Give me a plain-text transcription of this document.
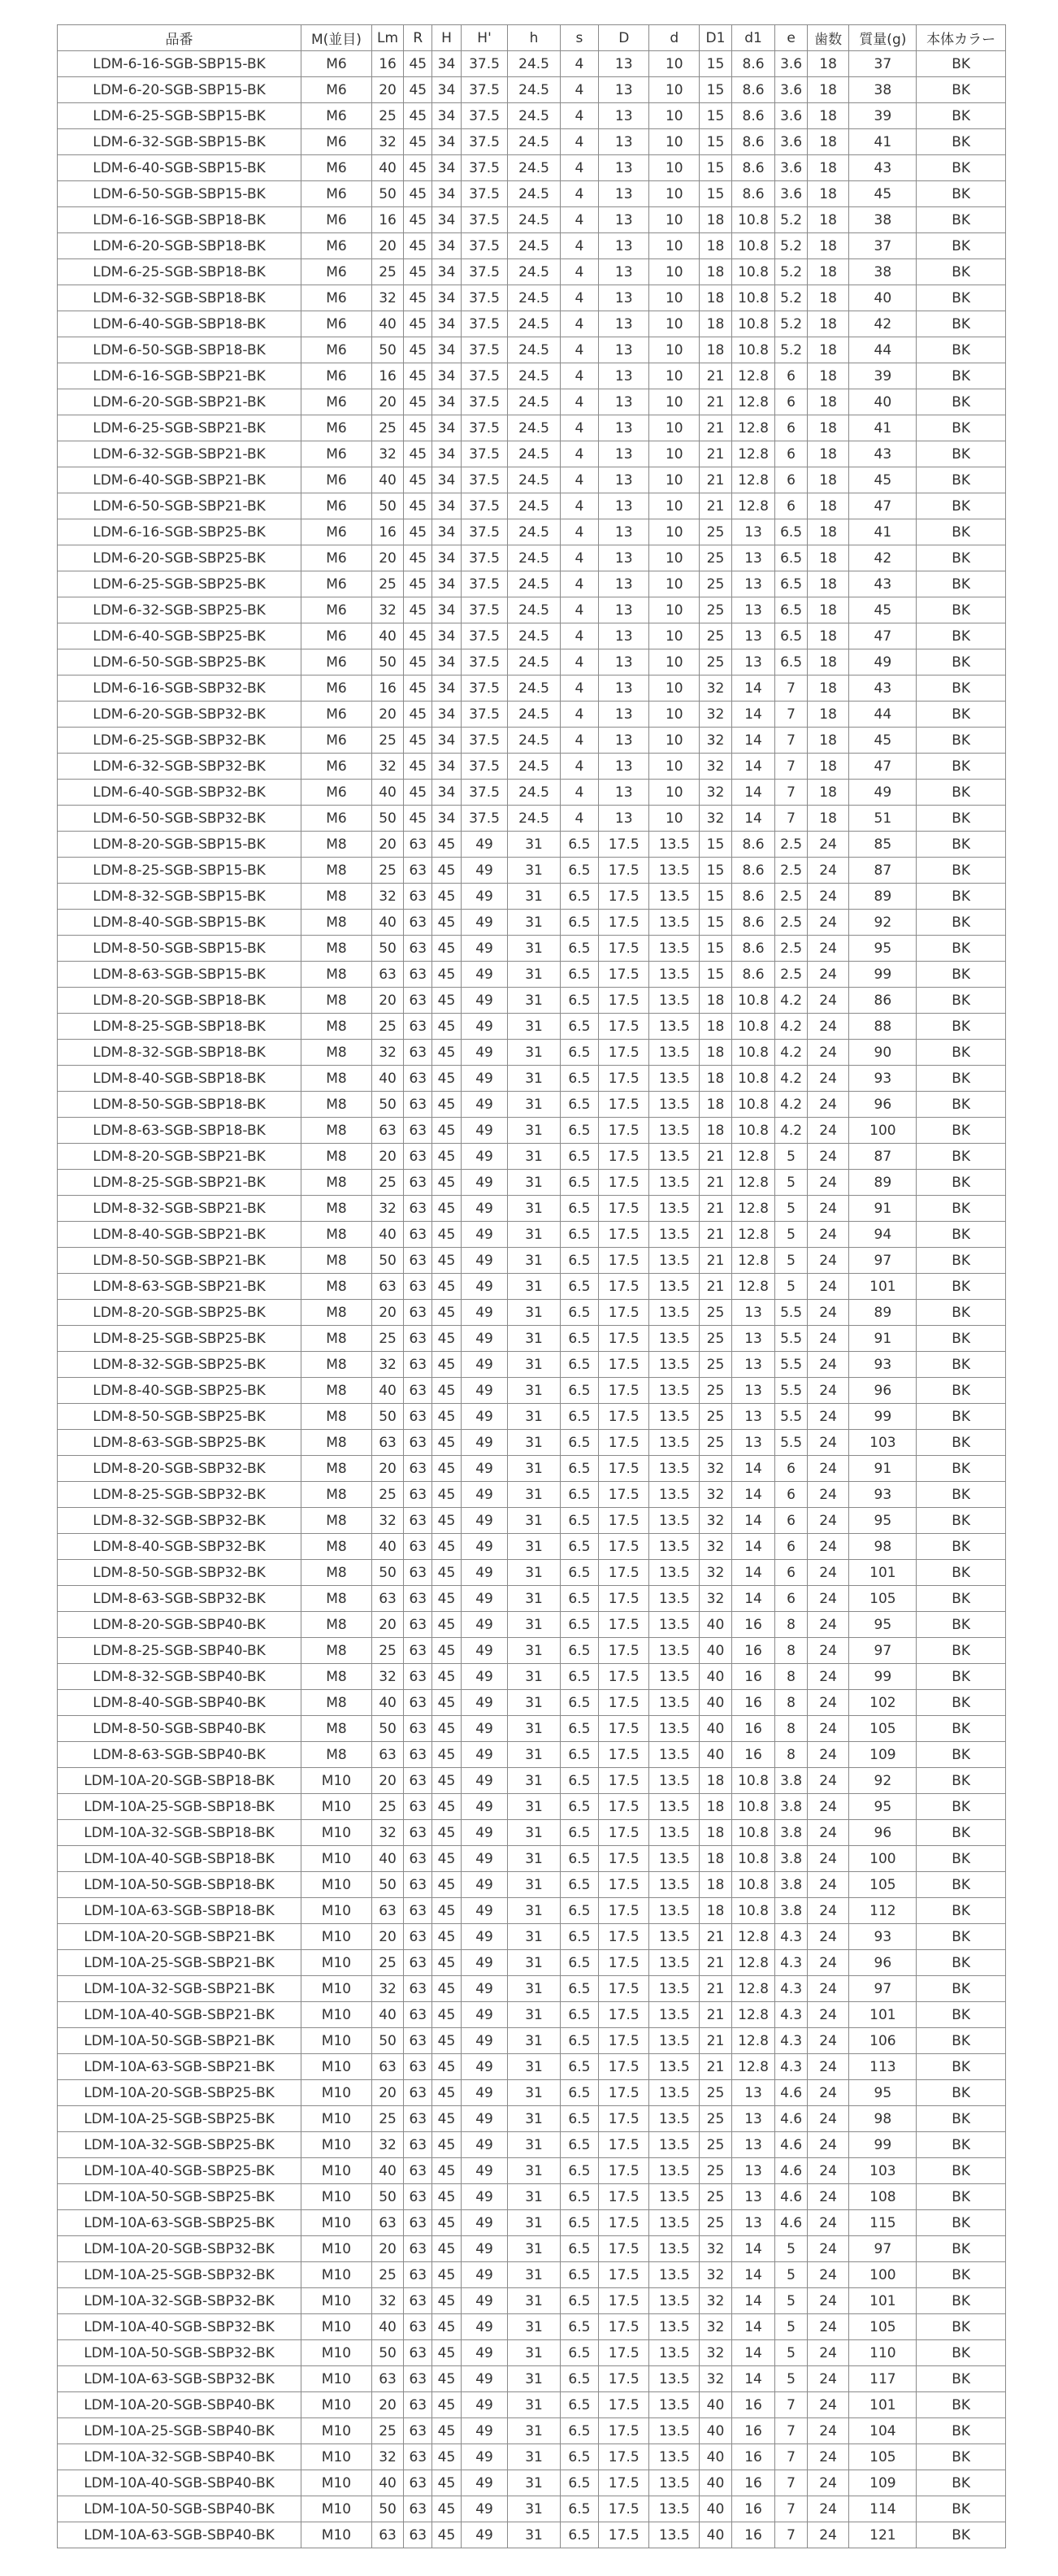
品番	M(並目)	Lm	R	H	H'	h	s	D	d	D1	d1	e	歯数	質量(g)	本体カラー
LDM-6-16-SGB-SBP15-BK	M6	16	45	34	37.5	24.5	4	13	10	15	8.6	3.6	18	37	BK
LDM-6-20-SGB-SBP15-BK	M6	20	45	34	37.5	24.5	4	13	10	15	8.6	3.6	18	38	BK
LDM-6-25-SGB-SBP15-BK	M6	25	45	34	37.5	24.5	4	13	10	15	8.6	3.6	18	39	BK
LDM-6-32-SGB-SBP15-BK	M6	32	45	34	37.5	24.5	4	13	10	15	8.6	3.6	18	41	BK
LDM-6-40-SGB-SBP15-BK	M6	40	45	34	37.5	24.5	4	13	10	15	8.6	3.6	18	43	BK
LDM-6-50-SGB-SBP15-BK	M6	50	45	34	37.5	24.5	4	13	10	15	8.6	3.6	18	45	BK
LDM-6-16-SGB-SBP18-BK	M6	16	45	34	37.5	24.5	4	13	10	18	10.8	5.2	18	38	BK
LDM-6-20-SGB-SBP18-BK	M6	20	45	34	37.5	24.5	4	13	10	18	10.8	5.2	18	37	BK
LDM-6-25-SGB-SBP18-BK	M6	25	45	34	37.5	24.5	4	13	10	18	10.8	5.2	18	38	BK
LDM-6-32-SGB-SBP18-BK	M6	32	45	34	37.5	24.5	4	13	10	18	10.8	5.2	18	40	BK
LDM-6-40-SGB-SBP18-BK	M6	40	45	34	37.5	24.5	4	13	10	18	10.8	5.2	18	42	BK
LDM-6-50-SGB-SBP18-BK	M6	50	45	34	37.5	24.5	4	13	10	18	10.8	5.2	18	44	BK
LDM-6-16-SGB-SBP21-BK	M6	16	45	34	37.5	24.5	4	13	10	21	12.8	6	18	39	BK
LDM-6-20-SGB-SBP21-BK	M6	20	45	34	37.5	24.5	4	13	10	21	12.8	6	18	40	BK
LDM-6-25-SGB-SBP21-BK	M6	25	45	34	37.5	24.5	4	13	10	21	12.8	6	18	41	BK
LDM-6-32-SGB-SBP21-BK	M6	32	45	34	37.5	24.5	4	13	10	21	12.8	6	18	43	BK
LDM-6-40-SGB-SBP21-BK	M6	40	45	34	37.5	24.5	4	13	10	21	12.8	6	18	45	BK
LDM-6-50-SGB-SBP21-BK	M6	50	45	34	37.5	24.5	4	13	10	21	12.8	6	18	47	BK
LDM-6-16-SGB-SBP25-BK	M6	16	45	34	37.5	24.5	4	13	10	25	13	6.5	18	41	BK
LDM-6-20-SGB-SBP25-BK	M6	20	45	34	37.5	24.5	4	13	10	25	13	6.5	18	42	BK
LDM-6-25-SGB-SBP25-BK	M6	25	45	34	37.5	24.5	4	13	10	25	13	6.5	18	43	BK
LDM-6-32-SGB-SBP25-BK	M6	32	45	34	37.5	24.5	4	13	10	25	13	6.5	18	45	BK
LDM-6-40-SGB-SBP25-BK	M6	40	45	34	37.5	24.5	4	13	10	25	13	6.5	18	47	BK
LDM-6-50-SGB-SBP25-BK	M6	50	45	34	37.5	24.5	4	13	10	25	13	6.5	18	49	BK
LDM-6-16-SGB-SBP32-BK	M6	16	45	34	37.5	24.5	4	13	10	32	14	7	18	43	BK
LDM-6-20-SGB-SBP32-BK	M6	20	45	34	37.5	24.5	4	13	10	32	14	7	18	44	BK
LDM-6-25-SGB-SBP32-BK	M6	25	45	34	37.5	24.5	4	13	10	32	14	7	18	45	BK
LDM-6-32-SGB-SBP32-BK	M6	32	45	34	37.5	24.5	4	13	10	32	14	7	18	47	BK
LDM-6-40-SGB-SBP32-BK	M6	40	45	34	37.5	24.5	4	13	10	32	14	7	18	49	BK
LDM-6-50-SGB-SBP32-BK	M6	50	45	34	37.5	24.5	4	13	10	32	14	7	18	51	BK
LDM-8-20-SGB-SBP15-BK	M8	20	63	45	49	31	6.5	17.5	13.5	15	8.6	2.5	24	85	BK
LDM-8-25-SGB-SBP15-BK	M8	25	63	45	49	31	6.5	17.5	13.5	15	8.6	2.5	24	87	BK
LDM-8-32-SGB-SBP15-BK	M8	32	63	45	49	31	6.5	17.5	13.5	15	8.6	2.5	24	89	BK
LDM-8-40-SGB-SBP15-BK	M8	40	63	45	49	31	6.5	17.5	13.5	15	8.6	2.5	24	92	BK
LDM-8-50-SGB-SBP15-BK	M8	50	63	45	49	31	6.5	17.5	13.5	15	8.6	2.5	24	95	BK
LDM-8-63-SGB-SBP15-BK	M8	63	63	45	49	31	6.5	17.5	13.5	15	8.6	2.5	24	99	BK
LDM-8-20-SGB-SBP18-BK	M8	20	63	45	49	31	6.5	17.5	13.5	18	10.8	4.2	24	86	BK
LDM-8-25-SGB-SBP18-BK	M8	25	63	45	49	31	6.5	17.5	13.5	18	10.8	4.2	24	88	BK
LDM-8-32-SGB-SBP18-BK	M8	32	63	45	49	31	6.5	17.5	13.5	18	10.8	4.2	24	90	BK
LDM-8-40-SGB-SBP18-BK	M8	40	63	45	49	31	6.5	17.5	13.5	18	10.8	4.2	24	93	BK
LDM-8-50-SGB-SBP18-BK	M8	50	63	45	49	31	6.5	17.5	13.5	18	10.8	4.2	24	96	BK
LDM-8-63-SGB-SBP18-BK	M8	63	63	45	49	31	6.5	17.5	13.5	18	10.8	4.2	24	100	BK
LDM-8-20-SGB-SBP21-BK	M8	20	63	45	49	31	6.5	17.5	13.5	21	12.8	5	24	87	BK
LDM-8-25-SGB-SBP21-BK	M8	25	63	45	49	31	6.5	17.5	13.5	21	12.8	5	24	89	BK
LDM-8-32-SGB-SBP21-BK	M8	32	63	45	49	31	6.5	17.5	13.5	21	12.8	5	24	91	BK
LDM-8-40-SGB-SBP21-BK	M8	40	63	45	49	31	6.5	17.5	13.5	21	12.8	5	24	94	BK
LDM-8-50-SGB-SBP21-BK	M8	50	63	45	49	31	6.5	17.5	13.5	21	12.8	5	24	97	BK
LDM-8-63-SGB-SBP21-BK	M8	63	63	45	49	31	6.5	17.5	13.5	21	12.8	5	24	101	BK
LDM-8-20-SGB-SBP25-BK	M8	20	63	45	49	31	6.5	17.5	13.5	25	13	5.5	24	89	BK
LDM-8-25-SGB-SBP25-BK	M8	25	63	45	49	31	6.5	17.5	13.5	25	13	5.5	24	91	BK
LDM-8-32-SGB-SBP25-BK	M8	32	63	45	49	31	6.5	17.5	13.5	25	13	5.5	24	93	BK
LDM-8-40-SGB-SBP25-BK	M8	40	63	45	49	31	6.5	17.5	13.5	25	13	5.5	24	96	BK
LDM-8-50-SGB-SBP25-BK	M8	50	63	45	49	31	6.5	17.5	13.5	25	13	5.5	24	99	BK
LDM-8-63-SGB-SBP25-BK	M8	63	63	45	49	31	6.5	17.5	13.5	25	13	5.5	24	103	BK
LDM-8-20-SGB-SBP32-BK	M8	20	63	45	49	31	6.5	17.5	13.5	32	14	6	24	91	BK
LDM-8-25-SGB-SBP32-BK	M8	25	63	45	49	31	6.5	17.5	13.5	32	14	6	24	93	BK
LDM-8-32-SGB-SBP32-BK	M8	32	63	45	49	31	6.5	17.5	13.5	32	14	6	24	95	BK
LDM-8-40-SGB-SBP32-BK	M8	40	63	45	49	31	6.5	17.5	13.5	32	14	6	24	98	BK
LDM-8-50-SGB-SBP32-BK	M8	50	63	45	49	31	6.5	17.5	13.5	32	14	6	24	101	BK
LDM-8-63-SGB-SBP32-BK	M8	63	63	45	49	31	6.5	17.5	13.5	32	14	6	24	105	BK
LDM-8-20-SGB-SBP40-BK	M8	20	63	45	49	31	6.5	17.5	13.5	40	16	8	24	95	BK
LDM-8-25-SGB-SBP40-BK	M8	25	63	45	49	31	6.5	17.5	13.5	40	16	8	24	97	BK
LDM-8-32-SGB-SBP40-BK	M8	32	63	45	49	31	6.5	17.5	13.5	40	16	8	24	99	BK
LDM-8-40-SGB-SBP40-BK	M8	40	63	45	49	31	6.5	17.5	13.5	40	16	8	24	102	BK
LDM-8-50-SGB-SBP40-BK	M8	50	63	45	49	31	6.5	17.5	13.5	40	16	8	24	105	BK
LDM-8-63-SGB-SBP40-BK	M8	63	63	45	49	31	6.5	17.5	13.5	40	16	8	24	109	BK
LDM-10A-20-SGB-SBP18-BK	M10	20	63	45	49	31	6.5	17.5	13.5	18	10.8	3.8	24	92	BK
LDM-10A-25-SGB-SBP18-BK	M10	25	63	45	49	31	6.5	17.5	13.5	18	10.8	3.8	24	95	BK
LDM-10A-32-SGB-SBP18-BK	M10	32	63	45	49	31	6.5	17.5	13.5	18	10.8	3.8	24	96	BK
LDM-10A-40-SGB-SBP18-BK	M10	40	63	45	49	31	6.5	17.5	13.5	18	10.8	3.8	24	100	BK
LDM-10A-50-SGB-SBP18-BK	M10	50	63	45	49	31	6.5	17.5	13.5	18	10.8	3.8	24	105	BK
LDM-10A-63-SGB-SBP18-BK	M10	63	63	45	49	31	6.5	17.5	13.5	18	10.8	3.8	24	112	BK
LDM-10A-20-SGB-SBP21-BK	M10	20	63	45	49	31	6.5	17.5	13.5	21	12.8	4.3	24	93	BK
LDM-10A-25-SGB-SBP21-BK	M10	25	63	45	49	31	6.5	17.5	13.5	21	12.8	4.3	24	96	BK
LDM-10A-32-SGB-SBP21-BK	M10	32	63	45	49	31	6.5	17.5	13.5	21	12.8	4.3	24	97	BK
LDM-10A-40-SGB-SBP21-BK	M10	40	63	45	49	31	6.5	17.5	13.5	21	12.8	4.3	24	101	BK
LDM-10A-50-SGB-SBP21-BK	M10	50	63	45	49	31	6.5	17.5	13.5	21	12.8	4.3	24	106	BK
LDM-10A-63-SGB-SBP21-BK	M10	63	63	45	49	31	6.5	17.5	13.5	21	12.8	4.3	24	113	BK
LDM-10A-20-SGB-SBP25-BK	M10	20	63	45	49	31	6.5	17.5	13.5	25	13	4.6	24	95	BK
LDM-10A-25-SGB-SBP25-BK	M10	25	63	45	49	31	6.5	17.5	13.5	25	13	4.6	24	98	BK
LDM-10A-32-SGB-SBP25-BK	M10	32	63	45	49	31	6.5	17.5	13.5	25	13	4.6	24	99	BK
LDM-10A-40-SGB-SBP25-BK	M10	40	63	45	49	31	6.5	17.5	13.5	25	13	4.6	24	103	BK
LDM-10A-50-SGB-SBP25-BK	M10	50	63	45	49	31	6.5	17.5	13.5	25	13	4.6	24	108	BK
LDM-10A-63-SGB-SBP25-BK	M10	63	63	45	49	31	6.5	17.5	13.5	25	13	4.6	24	115	BK
LDM-10A-20-SGB-SBP32-BK	M10	20	63	45	49	31	6.5	17.5	13.5	32	14	5	24	97	BK
LDM-10A-25-SGB-SBP32-BK	M10	25	63	45	49	31	6.5	17.5	13.5	32	14	5	24	100	BK
LDM-10A-32-SGB-SBP32-BK	M10	32	63	45	49	31	6.5	17.5	13.5	32	14	5	24	101	BK
LDM-10A-40-SGB-SBP32-BK	M10	40	63	45	49	31	6.5	17.5	13.5	32	14	5	24	105	BK
LDM-10A-50-SGB-SBP32-BK	M10	50	63	45	49	31	6.5	17.5	13.5	32	14	5	24	110	BK
LDM-10A-63-SGB-SBP32-BK	M10	63	63	45	49	31	6.5	17.5	13.5	32	14	5	24	117	BK
LDM-10A-20-SGB-SBP40-BK	M10	20	63	45	49	31	6.5	17.5	13.5	40	16	7	24	101	BK
LDM-10A-25-SGB-SBP40-BK	M10	25	63	45	49	31	6.5	17.5	13.5	40	16	7	24	104	BK
LDM-10A-32-SGB-SBP40-BK	M10	32	63	45	49	31	6.5	17.5	13.5	40	16	7	24	105	BK
LDM-10A-40-SGB-SBP40-BK	M10	40	63	45	49	31	6.5	17.5	13.5	40	16	7	24	109	BK
LDM-10A-50-SGB-SBP40-BK	M10	50	63	45	49	31	6.5	17.5	13.5	40	16	7	24	114	BK
LDM-10A-63-SGB-SBP40-BK	M10	63	63	45	49	31	6.5	17.5	13.5	40	16	7	24	121	BK
